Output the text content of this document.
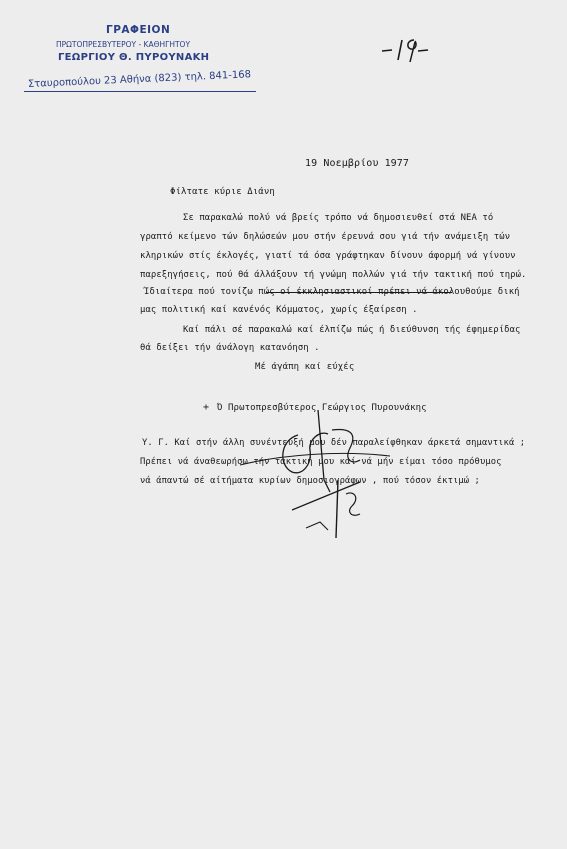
ΓΡΑΦΕΙΟΝ
ΠΡΩΤΟΠΡΕΣΒΥΤΕΡΟΥ - ΚΑΘΗΓΗΤΟΥ
ΓΕΩΡΓΙΟΥ Θ. ΠΥΡΟΥΝΑΚΗ
Σταυροπούλου 23 Αθήνα (823) τηλ. 841-168
19 Νοεμβρίου 1977
Φίλτατε κύριε Διάνη
Σε παρακαλώ πολύ νά βρείς τρόπο νά δημοσιευθεί στά ΝΕΑ τό
γραπτό κείμενο τών δηλώσεών μου στήν έρευνά σου γιά τήν ανάμειξη τών
κληρικών στίς έκλογές, γιατί τά όσα γράφτηκαν δίνουν άφορμή νά γίνουν
παρεξηγήσεις, πού θά άλλάξουν τή γνώμη πολλών γιά τήν τακτική πού τηρώ.
Ίδιαίτερα πού τονίζω πώς οί έκκλησιαστικοί πρέπει νά άκολουθούμε δική
μας πολιτική καί κανένός Κόμματος, χωρίς έξαίρεση .
Καί πάλι σέ παρακαλώ καί έλπίζω πώς ή διεύθυνση τής έφημερίδας
θά δείξει τήν άνάλογη κατανόηση .
Μέ άγάπη καί εύχές
+ Ό Πρωτοπρεσβύτερος Γεώργιος Πυρουνάκης
Υ. Γ. Καί στήν άλλη συνέντευξή μου δέν παραλείφθηκαν άρκετά σημαντικά ;
Πρέπει νά άναθεωρήσω τήν τακτική μου καί νά μήν είμαι τόσο πρόθυμος
νά άπαντώ σέ αίτήματα κυρίων δημοσιογράφων , πού τόσον έκτιμώ ;
